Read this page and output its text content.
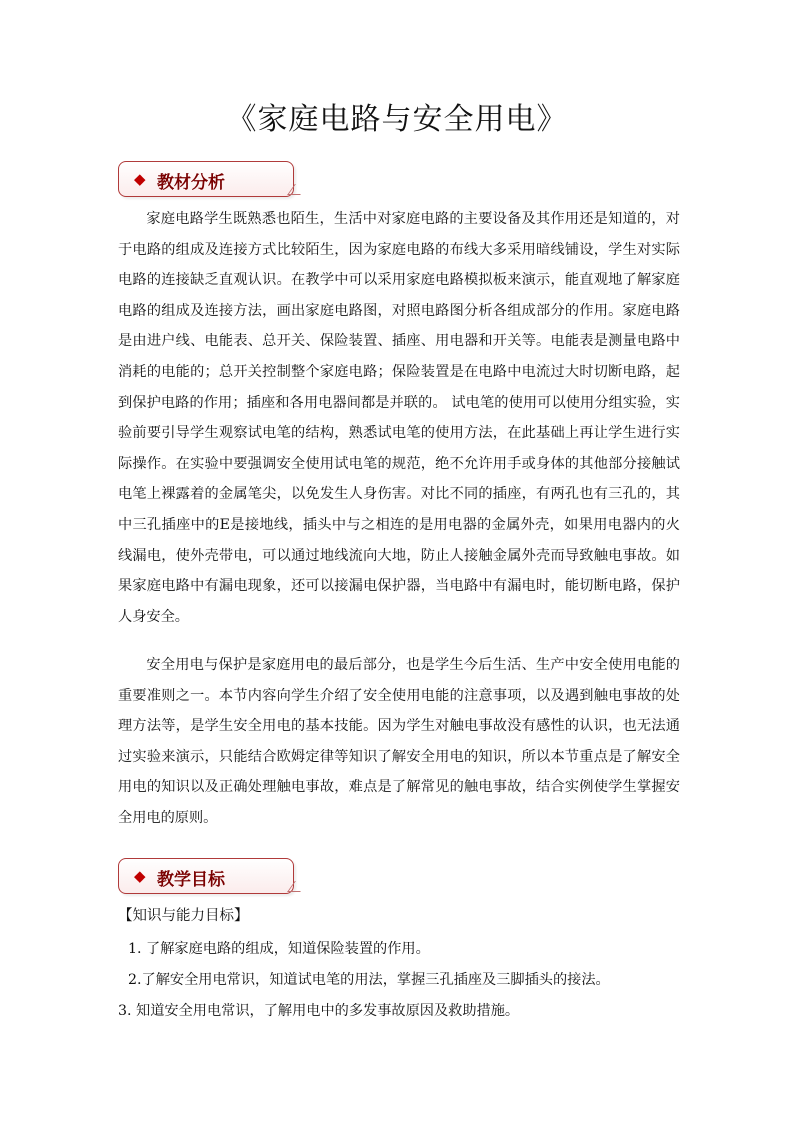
《家庭电路与安全用电》
◆ 教材分析

家庭电路学生既熟悉也陌生，生活中对家庭电路的主要设备及其作用还是知道的，对于电路的组成及连接方式比较陌生，因为家庭电路的布线大多采用暗线铺设，学生对实际电路的连接缺乏直观认识。在教学中可以采用家庭电路模拟板来演示，能直观地了解家庭电路的组成及连接方法，画出家庭电路图，对照电路图分析各组成部分的作用。家庭电路是由进户线、电能表、总开关、保险装置、插座、用电器和开关等。电能表是测量电路中消耗的电能的；总开关控制整个家庭电路；保险装置是在电路中电流过大时切断电路，起到保护电路的作用；插座和各用电器间都是并联的。 试电笔的使用可以使用分组实验，实验前要引导学生观察试电笔的结构，熟悉试电笔的使用方法，在此基础上再让学生进行实际操作。在实验中要强调安全使用试电笔的规范，绝不允许用手或身体的其他部分接触试电笔上裸露着的金属笔尖，以免发生人身伤害。对比不同的插座，有两孔也有三孔的，其中三孔插座中的E是接地线，插头中与之相连的是用电器的金属外壳，如果用电器内的火线漏电，使外壳带电，可以通过地线流向大地，防止人接触金属外壳而导致触电事故。如果家庭电路中有漏电现象，还可以接漏电保护器，当电路中有漏电时，能切断电路，保护人身安全。

安全用电与保护是家庭用电的最后部分，也是学生今后生活、生产中安全使用电能的重要准则之一。本节内容向学生介绍了安全使用电能的注意事项，以及遇到触电事故的处理方法等，是学生安全用电的基本技能。因为学生对触电事故没有感性的认识，也无法通过实验来演示，只能结合欧姆定律等知识了解安全用电的知识，所以本节重点是了解安全用电的知识以及正确处理触电事故，难点是了解常见的触电事故，结合实例使学生掌握安全用电的原则。

◆ 教学目标
【知识与能力目标】
1. 了解家庭电路的组成，知道保险装置的作用。
2.了解安全用电常识，知道试电笔的用法，掌握三孔插座及三脚插头的接法。
3. 知道安全用电常识，了解用电中的多发事故原因及救助措施。
